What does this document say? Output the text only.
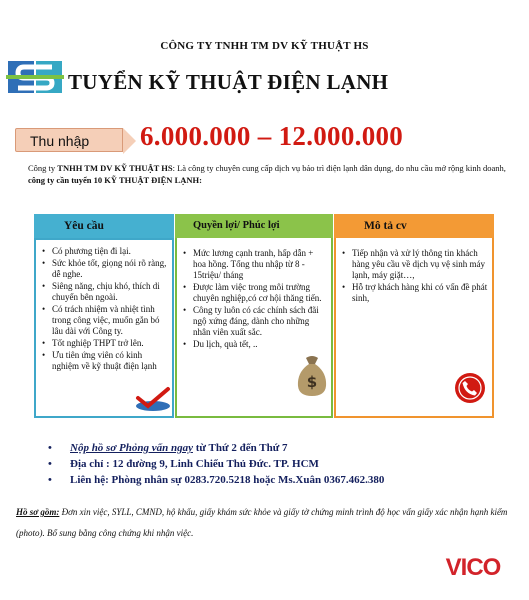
CÔNG TY TNHH TM DV KỸ THUẬT HS
TUYỂN KỸ THUẬT ĐIỆN LẠNH
Thu nhập	6.000.000 – 12.000.000
Công ty TNHH TM DV KỸ THUẬT HS: Là công ty chuyên cung cấp dịch vụ bảo trì điện lạnh dân dụng, do nhu cầu mở rộng kinh doanh, công ty cần tuyển 10 KỸ THUẬT ĐIỆN LẠNH:
Yêu cầu
• Có phương tiện đi lại.
• Sức khỏe tốt, giọng nói rõ ràng, dễ nghe.
• Siêng năng, chịu khó, thích di chuyển bên ngoài.
• Có trách nhiệm và nhiệt tình trong công việc, muốn gắn bó lâu dài với Công ty.
• Tốt nghiệp THPT trở lên.
• Ưu tiên ứng viên có kinh nghiệm về kỹ thuật điện lạnh
Quyền lợi/ Phúc lợi
• Mức lương cạnh tranh, hấp dẫn + hoa hồng. Tổng thu nhập từ 8 - 15triệu/ tháng
• Được làm việc trong môi trường chuyên nghiệp,có cơ hội thăng tiến.
• Công ty luôn có các chính sách đãi ngộ xứng đáng, dành cho những nhân viên xuất sắc.
• Du lịch, quà tết, ..
$
Mô tả cv
• Tiếp nhận và xử lý thông tin khách hàng yêu cầu về dịch vụ vệ sinh máy lạnh, máy giặt…,
• Hỗ trợ khách hàng khi có vấn đề phát sinh,
• Nộp hồ sơ Phỏng vấn ngay từ Thứ 2 đến Thứ 7
• Địa chỉ : 12 đường 9, Linh Chiểu Thủ Đức. TP. HCM
• Liên hệ: Phòng nhân sự 0283.720.5218 hoặc Ms.Xuân 0367.462.380
Hồ sơ gồm: Đơn xin việc, SYLL, CMND, hộ khẩu, giấy khám sức khỏe và giấy tờ chứng minh trình độ học vấn giấy xác nhận hạnh kiểm (photo). Bổ sung bằng công chứng khi nhận việc.
VICO
